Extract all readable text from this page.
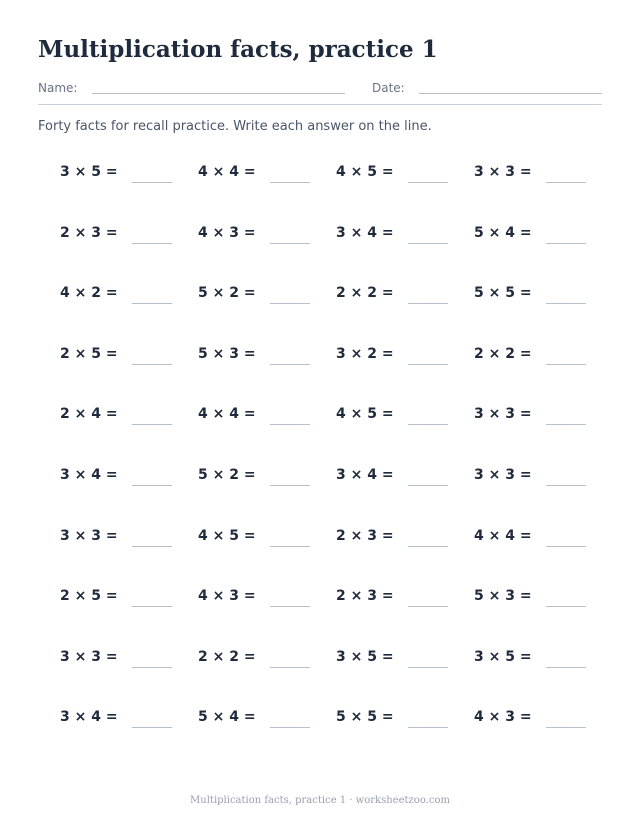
Multiplication facts, practice 1
Name:	Date:

Forty facts for recall practice. Write each answer on the line.

3 × 5 =	4 × 4 =	4 × 5 =	3 × 3 =
2 × 3 =	4 × 3 =	3 × 4 =	5 × 4 =
4 × 2 =	5 × 2 =	2 × 2 =	5 × 5 =
2 × 5 =	5 × 3 =	3 × 2 =	2 × 2 =
2 × 4 =	4 × 4 =	4 × 5 =	3 × 3 =
3 × 4 =	5 × 2 =	3 × 4 =	3 × 3 =
3 × 3 =	4 × 5 =	2 × 3 =	4 × 4 =
2 × 5 =	4 × 3 =	2 × 3 =	5 × 3 =
3 × 3 =	2 × 2 =	3 × 5 =	3 × 5 =
3 × 4 =	5 × 4 =	5 × 5 =	4 × 3 =

Multiplication facts, practice 1 · worksheetzoo.com
